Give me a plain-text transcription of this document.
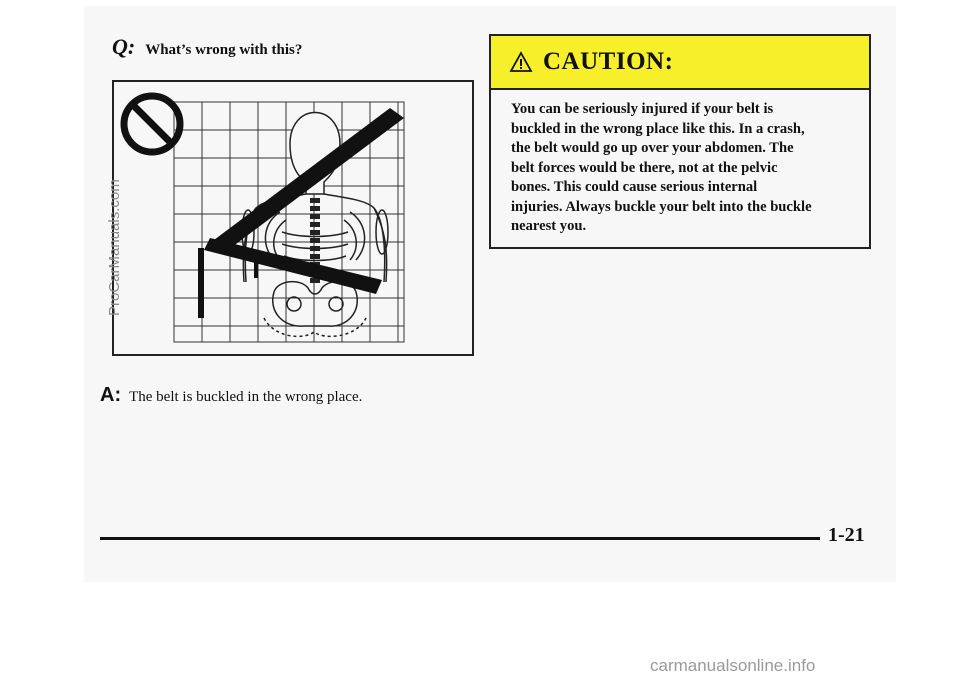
Q: What’s wrong with this?
A: The belt is buckled in the wrong place.
CAUTION:
You can be seriously injured if your belt is
buckled in the wrong place like this. In a crash,
the belt would go up over your abdomen. The
belt forces would be there, not at the pelvic
bones. This could cause serious internal
injuries. Always buckle your belt into the buckle
nearest you.
1-21
ProCarManuals.com
carmanualsonline.info
